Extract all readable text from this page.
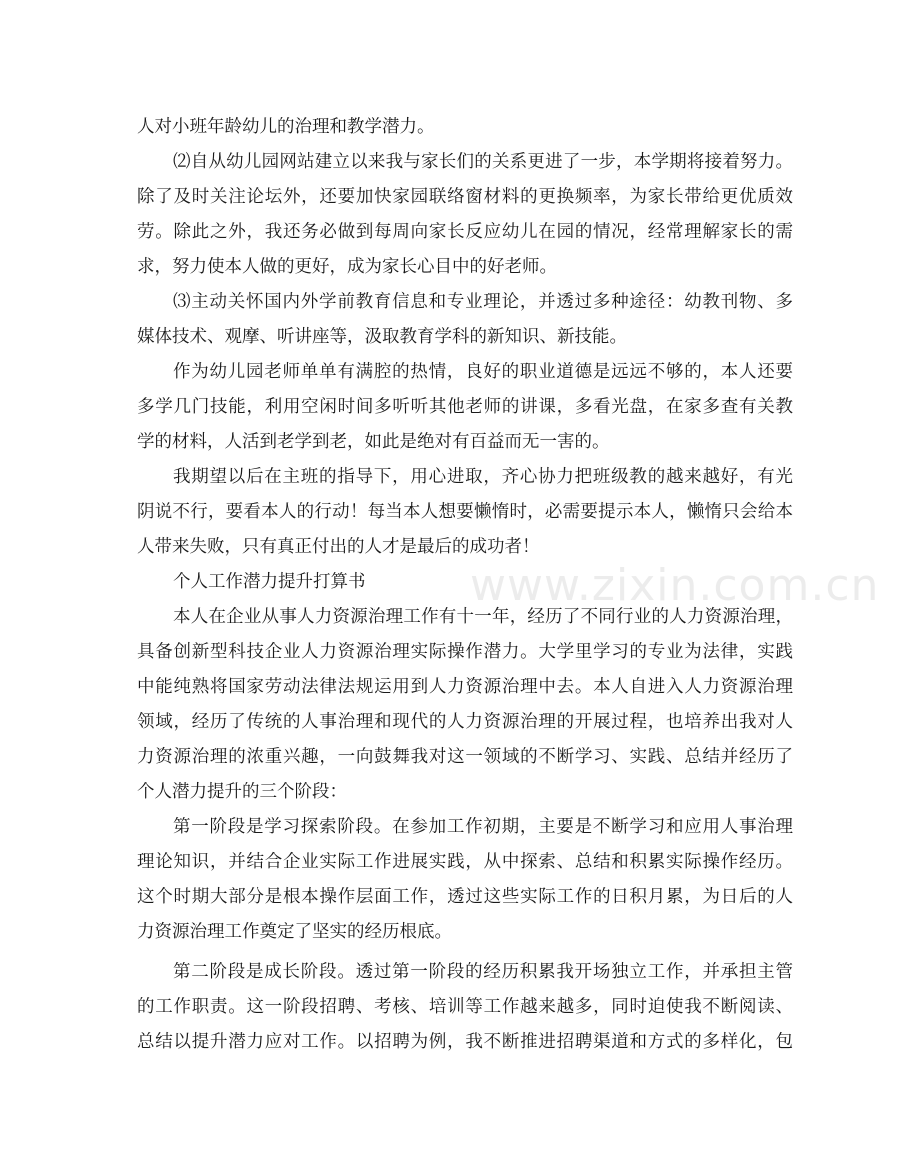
人对小班年龄幼儿的治理和教学潜力。
⑵自从幼儿园网站建立以来我与家长们的关系更进了一步，本学期将接着努力。
除了及时关注论坛外，还要加快家园联络窗材料的更换频率，为家长带给更优质效
劳。除此之外，我还务必做到每周向家长反应幼儿在园的情况，经常理解家长的需
求，努力使本人做的更好，成为家长心目中的好老师。
⑶主动关怀国内外学前教育信息和专业理论，并透过多种途径：幼教刊物、多
媒体技术、观摩、听讲座等，汲取教育学科的新知识、新技能。
作为幼儿园老师单单有满腔的热情，良好的职业道德是远远不够的，本人还要
多学几门技能，利用空闲时间多听听其他老师的讲课，多看光盘，在家多查有关教
学的材料，人活到老学到老，如此是绝对有百益而无一害的。
我期望以后在主班的指导下，用心进取，齐心协力把班级教的越来越好，有光
阴说不行，要看本人的行动！每当本人想要懒惰时，必需要提示本人，懒惰只会给本
人带来失败，只有真正付出的人才是最后的成功者！
个人工作潜力提升打算书
本人在企业从事人力资源治理工作有十一年，经历了不同行业的人力资源治理，
具备创新型科技企业人力资源治理实际操作潜力。大学里学习的专业为法律，实践
中能纯熟将国家劳动法律法规运用到人力资源治理中去。本人自进入人力资源治理
领域，经历了传统的人事治理和现代的人力资源治理的开展过程，也培养出我对人
力资源治理的浓重兴趣，一向鼓舞我对这一领域的不断学习、实践、总结并经历了
个人潜力提升的三个阶段：
第一阶段是学习探索阶段。在参加工作初期，主要是不断学习和应用人事治理
理论知识，并结合企业实际工作进展实践，从中探索、总结和积累实际操作经历。
这个时期大部分是根本操作层面工作，透过这些实际工作的日积月累，为日后的人
力资源治理工作奠定了坚实的经历根底。
第二阶段是成长阶段。透过第一阶段的经历积累我开场独立工作，并承担主管
的工作职责。这一阶段招聘、考核、培训等工作越来越多，同时迫使我不断阅读、
总结以提升潜力应对工作。以招聘为例，我不断推进招聘渠道和方式的多样化，包
www.zixin.com.cn
